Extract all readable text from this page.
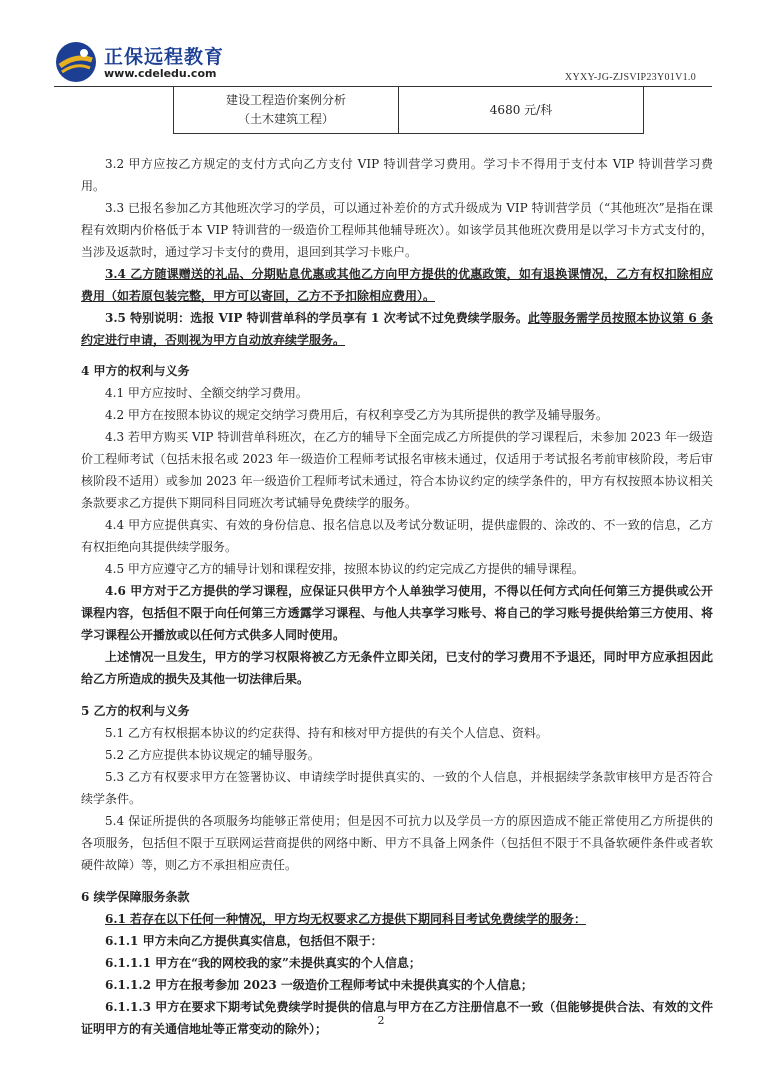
正保远程教育
www.cdeledu.com	XYXY-JG-ZJSVIP23Y01V1.0
建设工程造价案例分析
（土木建筑工程）
	4680 元/科

3.2 甲方应按乙方规定的支付方式向乙方支付 VIP 特训营学习费用。学习卡不得用于支付本 VIP 特训营学习费用。

3.3 已报名参加乙方其他班次学习的学员，可以通过补差价的方式升级成为 VIP 特训营学员（“其他班次”是指在课程有效期内价格低于本 VIP 特训营的一级造价工程师其他辅导班次）。如该学员其他班次费用是以学习卡方式支付的，当涉及返款时，通过学习卡支付的费用，退回到其学习卡账户。

3.4 乙方随课赠送的礼品、分期贴息优惠或其他乙方向甲方提供的优惠政策，如有退换课情况，乙方有权扣除相应费用（如若原包装完整，甲方可以寄回，乙方不予扣除相应费用）。

3.5 特别说明：选报 VIP 特训营单科的学员享有 1 次考试不过免费续学服务。此等服务需学员按照本协议第 6 条约定进行申请，否则视为甲方自动放弃续学服务。

4 甲方的权利与义务

4.1 甲方应按时、全额交纳学习费用。

4.2 甲方在按照本协议的规定交纳学习费用后，有权利享受乙方为其所提供的教学及辅导服务。

4.3 若甲方购买 VIP 特训营单科班次，在乙方的辅导下全面完成乙方所提供的学习课程后，未参加 2023 年一级造价工程师考试（包括未报名或 2023 年一级造价工程师考试报名审核未通过，仅适用于考试报名考前审核阶段，考后审核阶段不适用）或参加 2023 年一级造价工程师考试未通过，符合本协议约定的续学条件的，甲方有权按照本协议相关条款要求乙方提供下期同科目同班次考试辅导免费续学的服务。

4.4 甲方应提供真实、有效的身份信息、报名信息以及考试分数证明，提供虚假的、涂改的、不一致的信息，乙方有权拒绝向其提供续学服务。

4.5 甲方应遵守乙方的辅导计划和课程安排，按照本协议的约定完成乙方提供的辅导课程。

4.6 甲方对于乙方提供的学习课程，应保证只供甲方个人单独学习使用，不得以任何方式向任何第三方提供或公开课程内容，包括但不限于向任何第三方透露学习课程、与他人共享学习账号、将自己的学习账号提供给第三方使用、将学习课程公开播放或以任何方式供多人同时使用。

上述情况一旦发生，甲方的学习权限将被乙方无条件立即关闭，已支付的学习费用不予退还，同时甲方应承担因此给乙方所造成的损失及其他一切法律后果。

5 乙方的权利与义务

5.1 乙方有权根据本协议的约定获得、持有和核对甲方提供的有关个人信息、资料。

5.2 乙方应提供本协议规定的辅导服务。

5.3 乙方有权要求甲方在签署协议、申请续学时提供真实的、一致的个人信息，并根据续学条款审核甲方是否符合续学条件。

5.4 保证所提供的各项服务均能够正常使用；但是因不可抗力以及学员一方的原因造成不能正常使用乙方所提供的各项服务，包括但不限于互联网运营商提供的网络中断、甲方不具备上网条件（包括但不限于不具备软硬件条件或者软硬件故障）等，则乙方不承担相应责任。

6 续学保障服务条款

6.1 若存在以下任何一种情况，甲方均无权要求乙方提供下期同科目考试免费续学的服务：

6.1.1 甲方未向乙方提供真实信息，包括但不限于：

6.1.1.1 甲方在“我的网校我的家”未提供真实的个人信息；

6.1.1.2 甲方在报考参加 2023 一级造价工程师考试中未提供真实的个人信息；

6.1.1.3 甲方在要求下期考试免费续学时提供的信息与甲方在乙方注册信息不一致（但能够提供合法、有效的文件证明甲方的有关通信地址等正常变动的除外）；

2
